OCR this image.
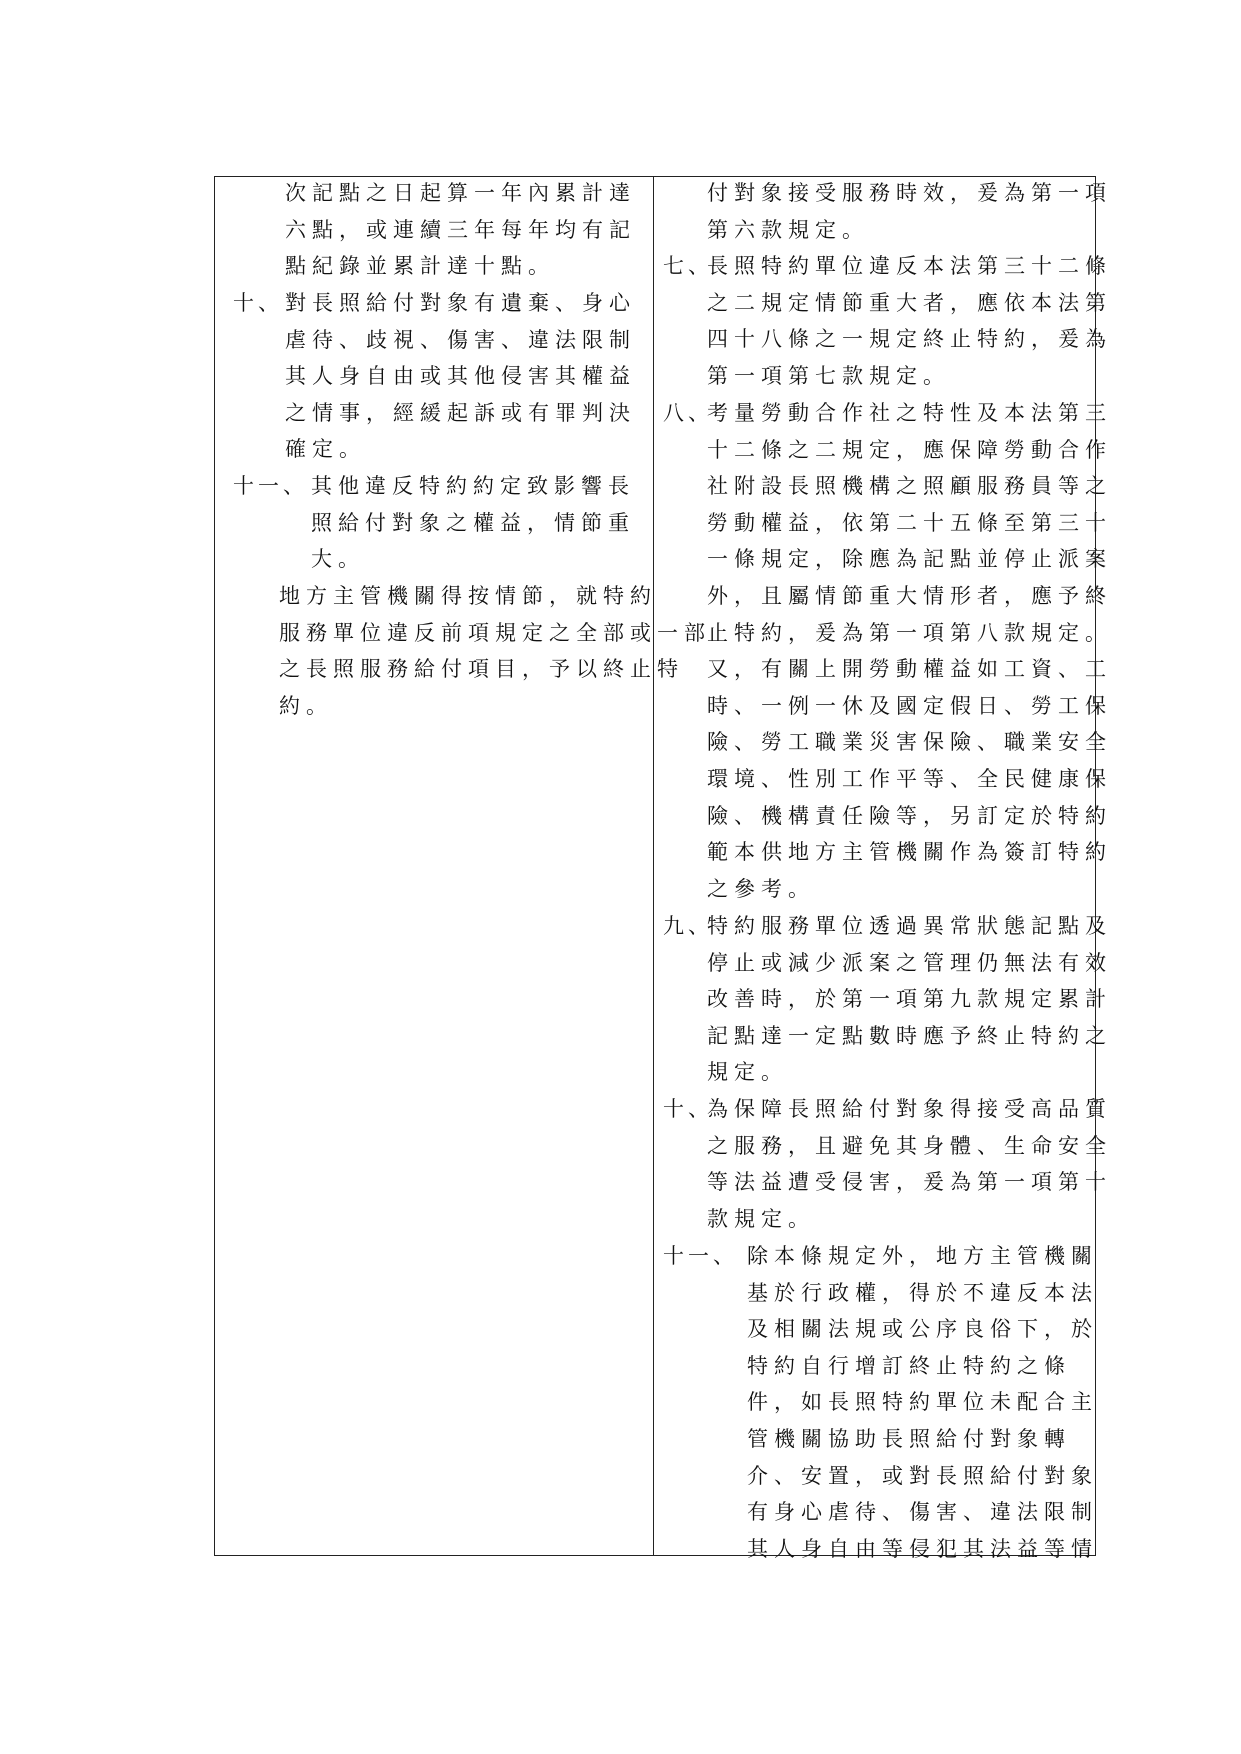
次記點之日起算一年內累計達
六點，或連續三年每年均有記
點紀錄並累計達十點。
十、 對長照給付對象有遺棄、身心
虐待、歧視、傷害、違法限制
其人身自由或其他侵害其權益
之情事，經緩起訴或有罪判決
確定。
十一、 其他違反特約約定致影響長
照給付對象之權益，情節重
大。
地方主管機關得按情節，就特約
服務單位違反前項規定之全部或一部
之長照服務給付項目，予以終止特
約。
付對象接受服務時效，爰為第一項
第六款規定。
七、
長照特約單位違反本法第三十二條
之二規定情節重大者，應依本法第
四十八條之一規定終止特約，爰為
第一項第七款規定。
八、
考量勞動合作社之特性及本法第三
十二條之二規定，應保障勞動合作
社附設長照機構之照顧服務員等之
勞動權益，依第二十五條至第三十
一條規定，除應為記點並停止派案
外，且屬情節重大情形者，應予終
止特約，爰為第一項第八款規定。
又，有關上開勞動權益如工資、工
時、一例一休及國定假日、勞工保
險、勞工職業災害保險、職業安全
環境、性別工作平等、全民健康保
險、機構責任險等，另訂定於特約
範本供地方主管機關作為簽訂特約
之參考。
九、
特約服務單位透過異常狀態記點及
停止或減少派案之管理仍無法有效
改善時，於第一項第九款規定累計
記點達一定點數時應予終止特約之
規定。
十、
為保障長照給付對象得接受高品質
之服務，且避免其身體、生命安全
等法益遭受侵害，爰為第一項第十
款規定。
十一、 除本條規定外，地方主管機關
基於行政權，得於不違反本法
及相關法規或公序良俗下，於
特約自行增訂終止特約之條
件，如長照特約單位未配合主
管機關協助長照給付對象轉
介、安置，或對長照給付對象
有身心虐待、傷害、違法限制
其人身自由等侵犯其法益等情
